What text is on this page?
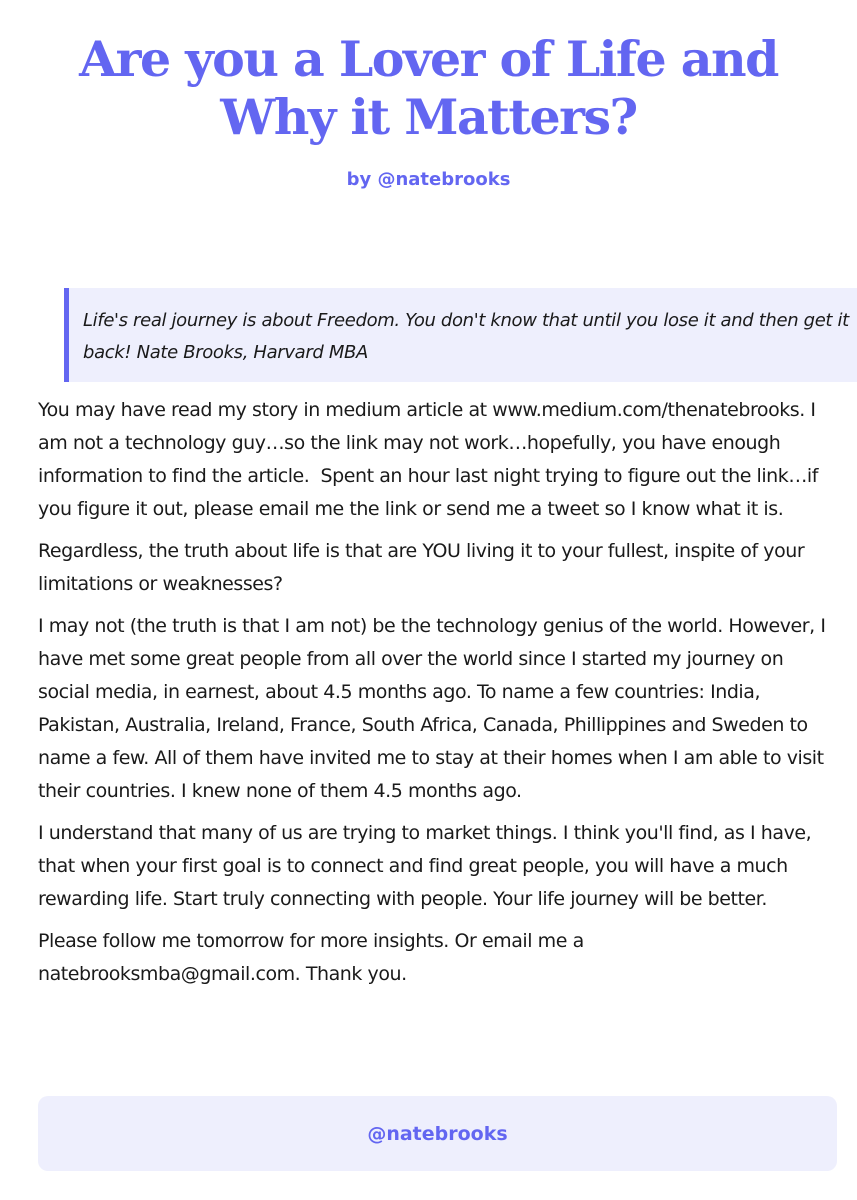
Are you a Lover of Life and Why it Matters?
by @natebrooks
Life's real journey is about Freedom. You don't know that until you lose it and then get it back! Nate Brooks, Harvard MBA

You may have read my story in medium article at www.medium.com/thenatebrooks. I am not a technology guy…so the link may not work…hopefully, you have enough information to find the article.  Spent an hour last night trying to figure out the link…if you figure it out, please email me the link or send me a tweet so I know what it is.

Regardless, the truth about life is that are YOU living it to your fullest, inspite of your limitations or weaknesses?

I may not (the truth is that I am not) be the technology genius of the world. However, I have met some great people from all over the world since I started my journey on social media, in earnest, about 4.5 months ago. To name a few countries: India, Pakistan, Australia, Ireland, France, South Africa, Canada, Phillippines and Sweden to name a few. All of them have invited me to stay at their homes when I am able to visit their countries. I knew none of them 4.5 months ago.

I understand that many of us are trying to market things. I think you'll find, as I have, that when your first goal is to connect and find great people, you will have a much rewarding life. Start truly connecting with people. Your life journey will be better.

Please follow me tomorrow for more insights. Or email me a natebrooksmba@gmail.com. Thank you.

@natebrooks
